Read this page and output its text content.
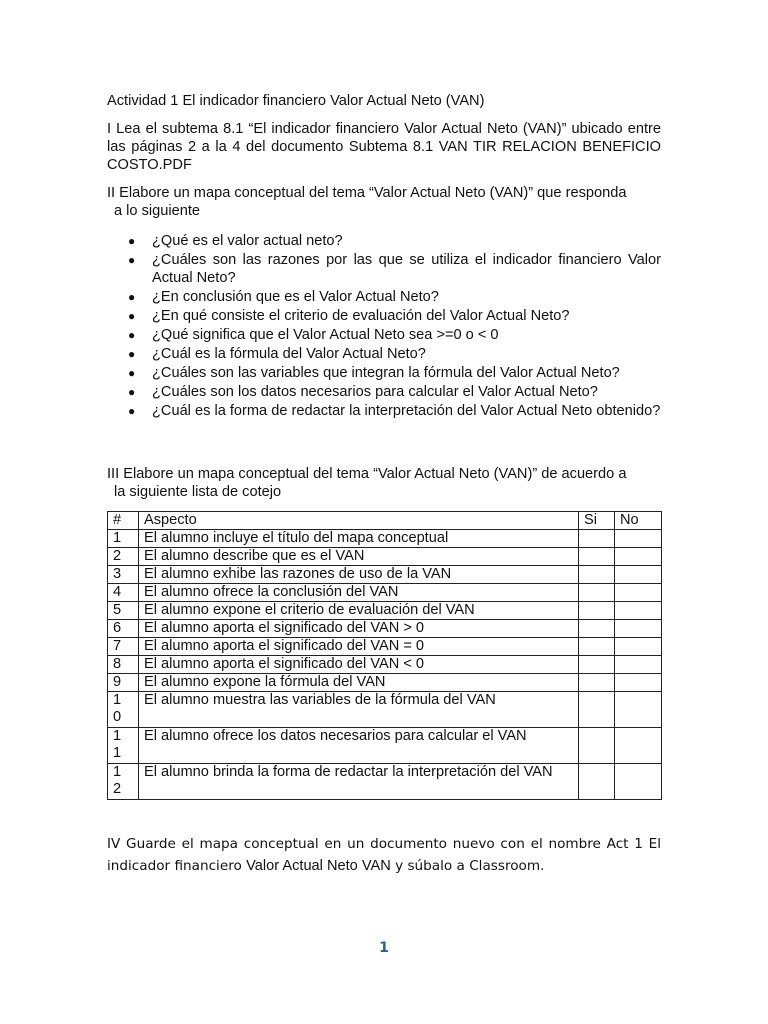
Actividad 1 El indicador financiero Valor Actual Neto (VAN)
I Lea el subtema 8.1 “El indicador financiero Valor Actual Neto (VAN)” ubicado entre las páginas 2 a la 4 del documento Subtema 8.1 VAN TIR RELACION BENEFICIO COSTO.PDF
II Elabore un mapa conceptual del tema “Valor Actual Neto (VAN)” que responda
a lo siguiente
● ¿Qué es el valor actual neto?
● ¿Cuáles son las razones por las que se utiliza el indicador financiero Valor Actual Neto?
● ¿En conclusión que es el Valor Actual Neto?
● ¿En qué consiste el criterio de evaluación del Valor Actual Neto?
● ¿Qué significa que el Valor Actual Neto sea >=0 o < 0
● ¿Cuál es la fórmula del Valor Actual Neto?
● ¿Cuáles son las variables que integran la fórmula del Valor Actual Neto?
● ¿Cuáles son los datos necesarios para calcular el Valor Actual Neto?
● ¿Cuál es la forma de redactar la interpretación del Valor Actual Neto obtenido?
III Elabore un mapa conceptual del tema “Valor Actual Neto (VAN)” de acuerdo a
la siguiente lista de cotejo
#	Aspecto	Si	No
1	El alumno incluye el título del mapa conceptual		
2	El alumno describe que es el VAN		
3	El alumno exhibe las razones de uso de la VAN		
4	El alumno ofrece la conclusión del VAN		
5	El alumno expone el criterio de evaluación del VAN		
6	El alumno aporta el significado del VAN > 0		
7	El alumno aporta el significado del VAN = 0		
8	El alumno aporta el significado del VAN < 0		
9	El alumno expone la fórmula del VAN		

10	El alumno muestra las variables de la fórmula del VAN		

11	El alumno ofrece los datos necesarios para calcular el VAN		

12	El alumno brinda la forma de redactar la interpretación del VAN		
IV Guarde el mapa conceptual en un documento nuevo con el nombre Act 1 El indicador financiero Valor Actual Neto VAN y súbalo a Classroom.
1
